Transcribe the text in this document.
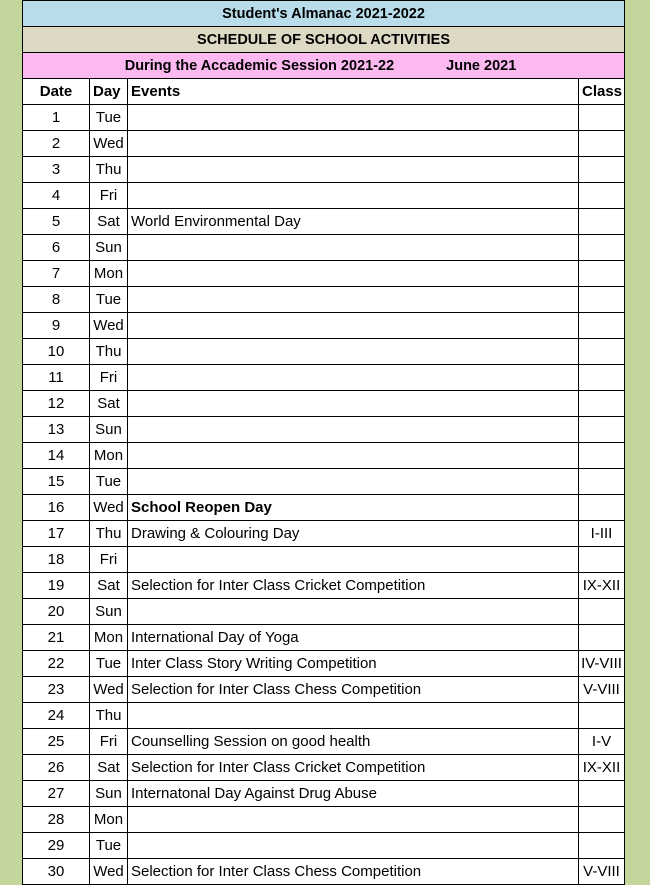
Student's Almanac 2021-2022			
SCHEDULE OF SCHOOL ACTIVITIES			
During the Accademic Session 2021-22 June 2021			
Date	Day	Events	Class
1	Tue		
2	Wed		
3	Thu		
4	Fri		
5	Sat	World Environmental Day	
6	Sun		
7	Mon		
8	Tue		
9	Wed		
10	Thu		
11	Fri		
12	Sat		
13	Sun		
14	Mon		
15	Tue		
16	Wed	School Reopen Day	
17	Thu	Drawing & Colouring Day	I-III
18	Fri		
19	Sat	Selection for Inter Class Cricket Competition	IX-XII
20	Sun		
21	Mon	International Day of Yoga	
22	Tue	Inter Class Story Writing Competition	IV-VIII
23	Wed	Selection for Inter Class Chess Competition	V-VIII
24	Thu		
25	Fri	Counselling Session on good health	I-V
26	Sat	Selection for Inter Class Cricket Competition	IX-XII
27	Sun	Internatonal Day Against Drug Abuse	
28	Mon		
29	Tue		
30	Wed	Selection for Inter Class Chess Competition	V-VIII
